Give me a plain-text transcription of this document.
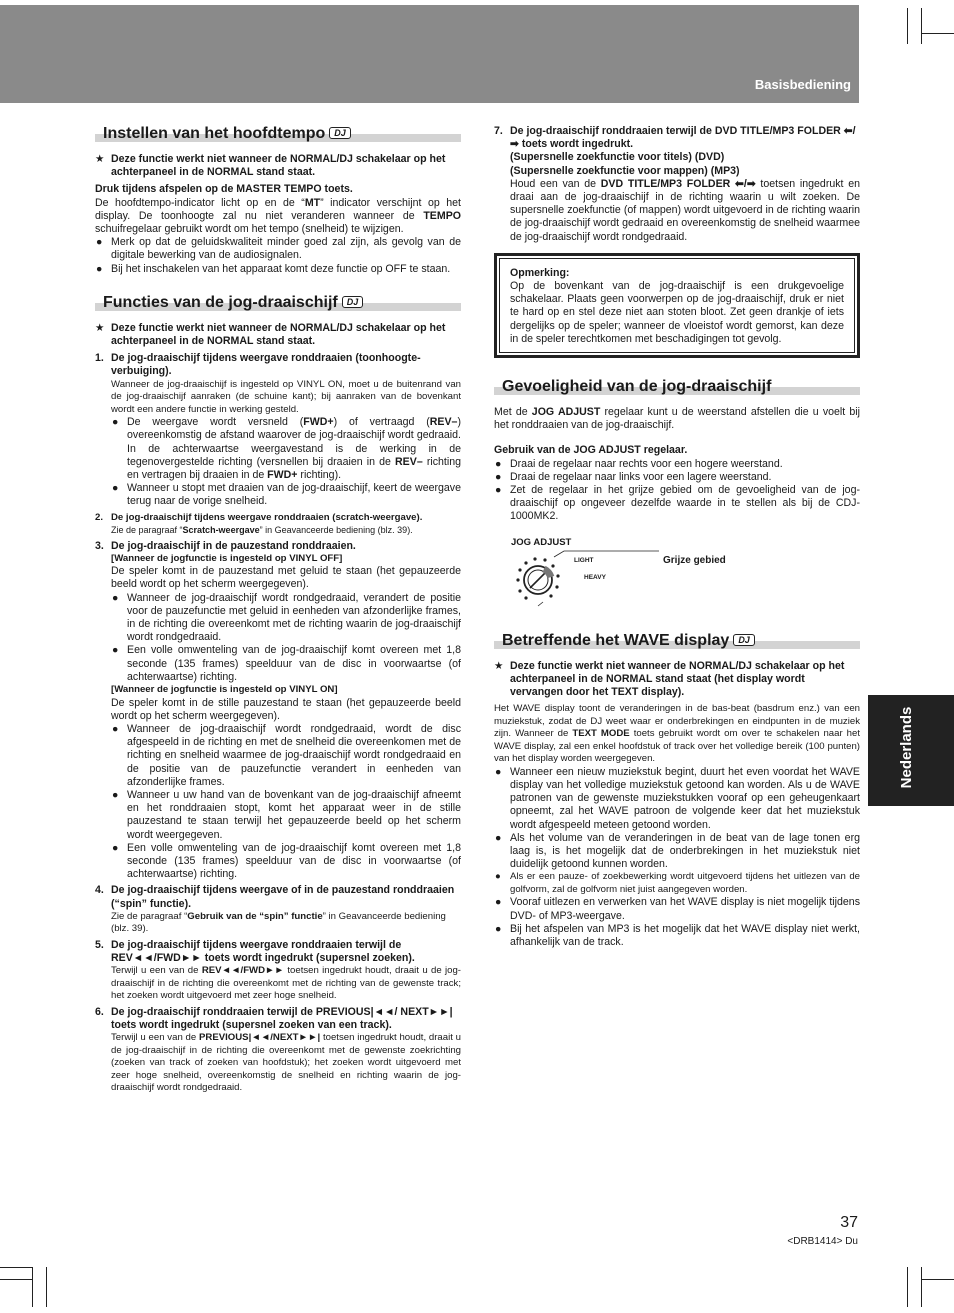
Basisbediening
Instellen van het hoofdtempo DJ
★ Deze functie werkt niet wanneer de NORMAL/DJ schakelaar op het achterpaneel in de NORMAL stand staat.

Druk tijdens afspelen op de MASTER TEMPO toets.

De hoofdtempo-indicator licht op en de “MT” indicator verschijnt op het display. De toonhoogte zal nu niet veranderen wanneer de TEMPO schuifregelaar gebruikt wordt om het tempo (snelheid) te wijzigen.

● Merk op dat de geluidskwaliteit minder goed zal zijn, als gevolg van de digitale bewerking van de audiosignalen.
● Bij het inschakelen van het apparaat komt deze functie op OFF te staan.
Functies van de jog-draaischijf DJ
★ Deze functie werkt niet wanneer de NORMAL/DJ schakelaar op het achterpaneel in de NORMAL stand staat.
1. De jog-draaischijf tijdens weergave ronddraaien (toonhoogte-verbuiging).

Wanneer de jog-draaischijf is ingesteld op VINYL ON, moet u de buitenrand van de jog-draaischijf aanraken (de schuine kant); bij aanraken van de bovenkant wordt een andere functie in werking gesteld.

● De weergave wordt versneld (FWD+) of vertraagd (REV–) overeenkomstig de afstand waarover de jog-draaischijf wordt gedraaid. In de achterwaartse weergavestand is de werking in de tegenovergestelde richting (versnellen bij draaien in de REV– richting en vertragen bij draaien in de FWD+ richting).
● Wanneer u stopt met draaien van de jog-draaischijf, keert de weergave terug naar de vorige snelheid.
2. De jog-draaischijf tijdens weergave ronddraaien (scratch-weergave).

Zie de paragraaf “Scratch-weergave” in Geavanceerde bediening (blz. 39).

3. De jog-draaischijf in de pauzestand ronddraaien.

[Wanneer de jogfunctie is ingesteld op VINYL OFF]

De speler komt in de pauzestand met geluid te staan (het gepauzeerde beeld wordt op het scherm weergegeven).

● Wanneer de jog-draaischijf wordt rondgedraaid, verandert de positie voor de pauzefunctie met geluid in eenheden van afzonderlijke frames, in de richting die overeenkomt met de richting waarin de jog-draaischijf wordt rondgedraaid.
● Een volle omwenteling van de jog-draaischijf komt overeen met 1,8 seconde (135 frames) speelduur van de disc in voorwaartse (of achterwaartse) richting.

[Wanneer de jogfunctie is ingesteld op VINYL ON]

De speler komt in de stille pauzestand te staan (het gepauzeerde beeld wordt op het scherm weergegeven).

● Wanneer de jog-draaischijf wordt rondgedraaid, wordt de disc afgespeeld in de richting en met de snelheid die overeenkomen met de richting en snelheid waarmee de jog-draaischijf wordt rondgedraaid en de positie van de pauzefunctie verandert in eenheden van afzonderlijke frames.
● Wanneer u uw hand van de bovenkant van de jog-draaischijf afneemt en het ronddraaien stopt, komt het apparaat weer in de stille pauzestand te staan terwijl het gepauzeerde beeld op het scherm wordt weergegeven.
● Een volle omwenteling van de jog-draaischijf komt overeen met 1,8 seconde (135 frames) speelduur van de disc in voorwaartse (of achterwaartse) richting.
4. De jog-draaischijf tijdens weergave of in de pauzestand ronddraaien (“spin” functie).

Zie de paragraaf “Gebruik van de “spin” functie” in Geavanceerde bediening (blz. 39).

5. De jog-draaischijf tijdens weergave ronddraaien terwijl de REV◄◄/FWD►► toets wordt ingedrukt (supersnel zoeken).

Terwijl u een van de REV◄◄/FWD►► toetsen ingedrukt houdt, draait u de jog-draaischijf in de richting die overeenkomt met de richting van de gewenste track; het zoeken wordt uitgevoerd met zeer hoge snelheid.

6. De jog-draaischijf ronddraaien terwijl de PREVIOUS|◄◄/ NEXT►►| toets wordt ingedrukt (supersnel zoeken van een track).

Terwijl u een van de PREVIOUS|◄◄/NEXT►►| toetsen ingedrukt houdt, draait u de jog-draaischijf in de richting die overeenkomt met de gewenste zoekrichting (zoeken van track of zoeken van hoofdstuk); het zoeken wordt uitgevoerd met zeer hoge snelheid, overeenkomstig de snelheid en richting waarin de jog-draaischijf wordt rondgedraaid.

7. De jog-draaischijf ronddraaien terwijl de DVD TITLE/MP3 FOLDER ⬅/➡ toets wordt ingedrukt.
(Supersnelle zoekfunctie voor titels) (DVD)
(Supersnelle zoekfunctie voor mappen) (MP3)

Houd een van de DVD TITLE/MP3 FOLDER ⬅/➡ toetsen ingedrukt en draai aan de jog-draaischijf in de richting waarin u wilt zoeken. De supersnelle zoekfunctie (of mappen) wordt uitgevoerd in de richting waarin de jog-draaischijf wordt gedraaid en overeenkomstig de snelheid waarmee de jog-draaischijf wordt rondgedraaid.

Opmerking:

Op de bovenkant van de jog-draaischijf is een drukgevoelige schakelaar. Plaats geen voorwerpen op de jog-draaischijf, druk er niet te hard op en stel deze niet aan stoten bloot. Zet geen drankje of iets dergelijks op de speler; wanneer de vloeistof wordt gemorst, kan deze in de speler terechtkomen met beschadigingen tot gevolg.

Gevoeligheid van de jog-draaischijf

Met de JOG ADJUST regelaar kunt u de weerstand afstellen die u voelt bij het ronddraaien van de jog-draaischijf.

Gebruik van de JOG ADJUST regelaar.

● Draai de regelaar naar rechts voor een hogere weerstand.
● Draai de regelaar naar links voor een lagere weerstand.
● Zet de regelaar in het grijze gebied om de gevoeligheid van de jog-draaischijf op ongeveer dezelfde waarde in te stellen als bij de CDJ-1000MK2.
JOG ADJUST
LIGHT
HEAVY
Grijze gebied
Betreffende het WAVE display DJ
★ Deze functie werkt niet wanneer de NORMAL/DJ schakelaar op het achterpaneel in de NORMAL stand staat (het display wordt vervangen door het TEXT display).

Het WAVE display toont de veranderingen in de bas-beat (basdrum enz.) van een muziekstuk, zodat de DJ weet waar er onderbrekingen en eindpunten in de muziek zijn. Wanneer de TEXT MODE toets gebruikt wordt om over te schakelen naar het WAVE display, zal een enkel hoofdstuk of track over het volledige bereik (100 punten) van het display worden weergegeven.

● Wanneer een nieuw muziekstuk begint, duurt het even voordat het WAVE display van het volledige muziekstuk getoond kan worden. Als u de WAVE patronen van de gewenste muziekstukken vooraf op een geheugenkaart opneemt, zal het WAVE patroon de volgende keer dat het muziekstuk wordt afgespeeld meteen getoond worden.
● Als het volume van de veranderingen in de beat van de lage tonen erg laag is, is het mogelijk dat de onderbrekingen in het muziekstuk niet duidelijk getoond kunnen worden.
● Als er een pauze- of zoekbewerking wordt uitgevoerd tijdens het uitlezen van de golfvorm, zal de golfvorm niet juist aangegeven worden.
● Vooraf uitlezen en verwerken van het WAVE display is niet mogelijk tijdens DVD- of MP3-weergave.
● Bij het afspelen van MP3 is het mogelijk dat het WAVE display niet werkt, afhankelijk van de track.
Nederlands
37
<DRB1414> Du
